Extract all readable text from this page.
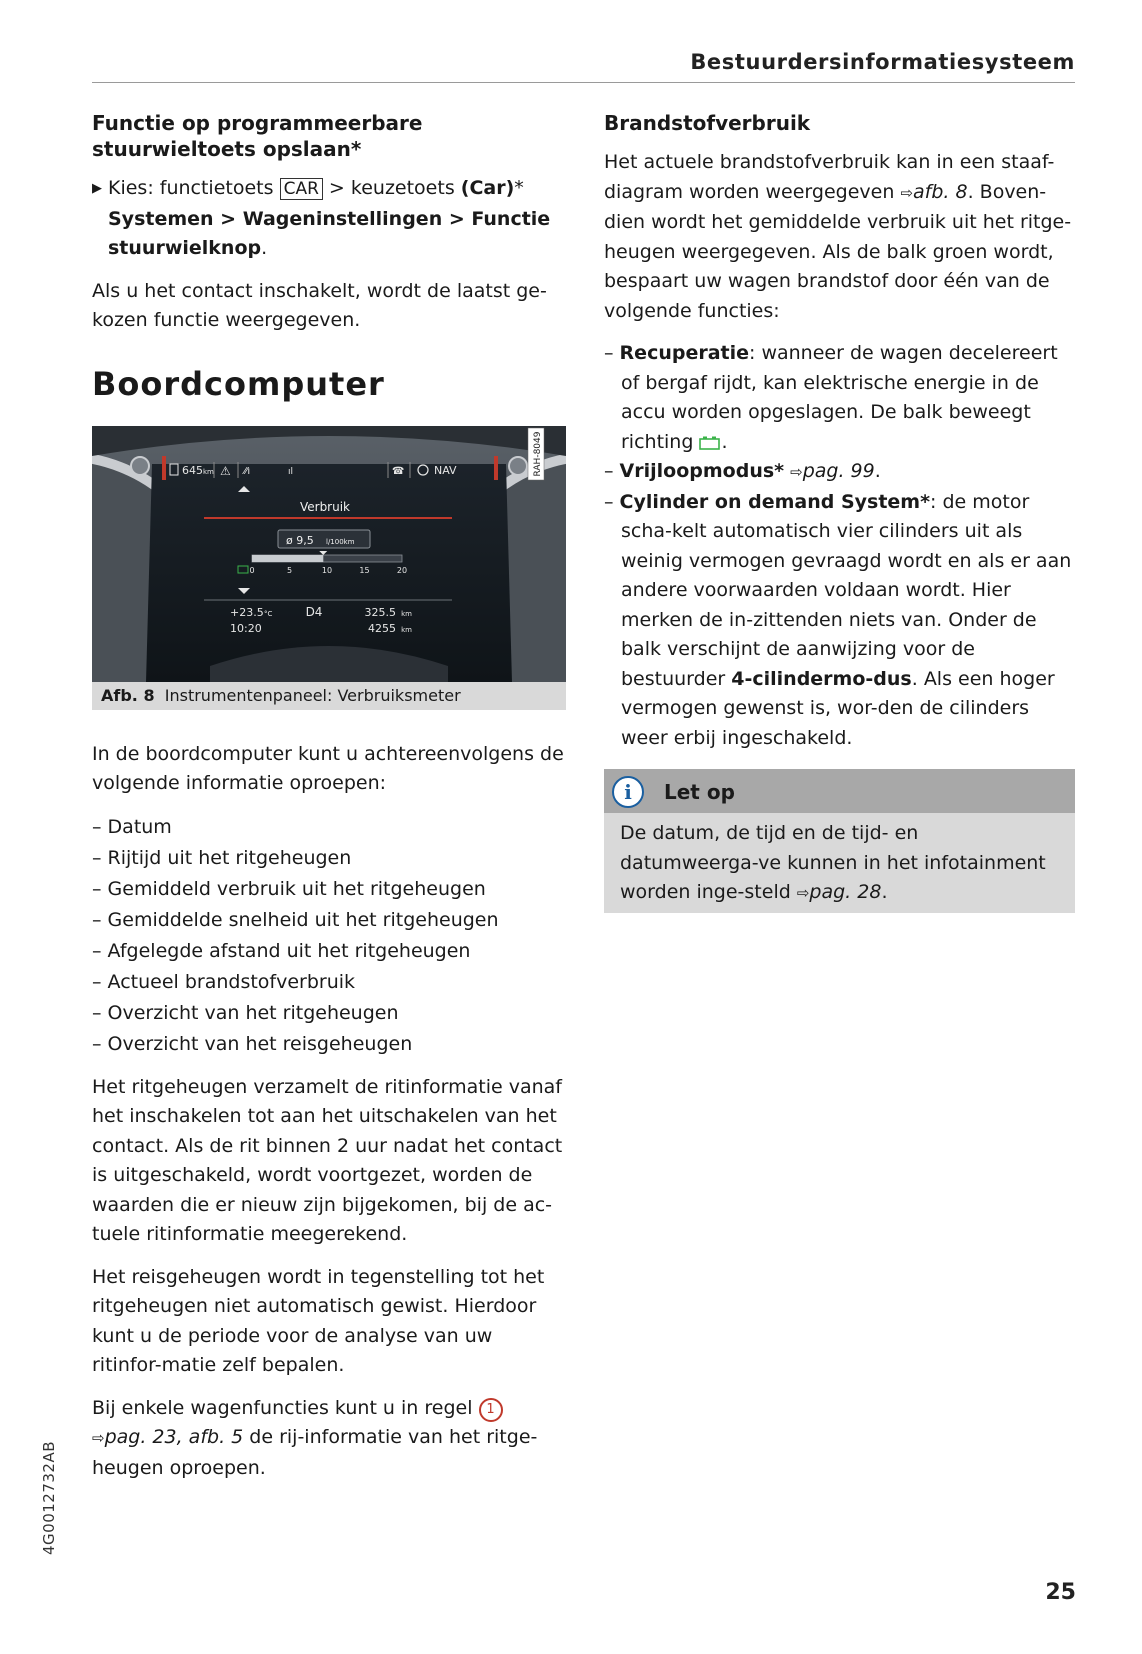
Bestuurdersinformatiesysteem
Functie op programmeerbare stuurwieltoets opslaan*
▶ Kies: functietoets CAR > keuzetoets (Car)* Systemen > Wageninstellingen > Functie stuurwielknop.

Als u het contact inschakelt, wordt de laatst ge-kozen functie weergegeven.

Boordcomputer
RAH-8049
645 km ⚠ ⁄⁄ı	ıl	☎	NAV
Verbruik
ø 9,5 l/100km
0	5	10	15	20
+23.5 °C
10:20
D4	325.5 km
4255 km
Afb. 8 Instrumentenpaneel: Verbruiksmeter

In de boordcomputer kunt u achtereenvolgens de volgende informatie oproepen:

– Datum
– Rijtijd uit het ritgeheugen
– Gemiddeld verbruik uit het ritgeheugen
– Gemiddelde snelheid uit het ritgeheugen
– Afgelegde afstand uit het ritgeheugen
– Actueel brandstofverbruik
– Overzicht van het ritgeheugen
– Overzicht van het reisgeheugen

Het ritgeheugen verzamelt de ritinformatie vanaf het inschakelen tot aan het uitschakelen van het contact. Als de rit binnen 2 uur nadat het contact is uitgeschakeld, wordt voortgezet, worden de waarden die er nieuw zijn bijgekomen, bij de ac-tuele ritinformatie meegerekend.

Het reisgeheugen wordt in tegenstelling tot het ritgeheugen niet automatisch gewist. Hierdoor kunt u de periode voor de analyse van uw ritinfor-matie zelf bepalen.

Bij enkele wagenfuncties kunt u in regel 1
⇨pag. 23, afb. 5 de rij-informatie van het ritge-heugen oproepen.

Brandstofverbruik

Het actuele brandstofverbruik kan in een staaf-diagram worden weergegeven ⇨afb. 8. Boven-dien wordt het gemiddelde verbruik uit het ritge-heugen weergegeven. Als de balk groen wordt, bespaart uw wagen brandstof door één van de volgende functies:

– Recuperatie: wanneer de wagen decelereert of bergaf rijdt, kan elektrische energie in de accu worden opgeslagen. De balk beweegt richting .
– Vrijloopmodus* ⇨pag. 99.
– Cylinder on demand System*: de motor scha-kelt automatisch vier cilinders uit als weinig vermogen gevraagd wordt en als er aan andere voorwaarden voldaan wordt. Hier merken de in-zittenden niets van. Onder de balk verschijnt de aanwijzing voor de bestuurder 4-cilindermo-dus. Als een hoger vermogen gewenst is, wor-den de cilinders weer erbij ingeschakeld.
i	Let op
De datum, de tijd en de tijd- en datumweerga-ve kunnen in het infotainment worden inge-steld ⇨pag. 28.
4G0012732AB
25
